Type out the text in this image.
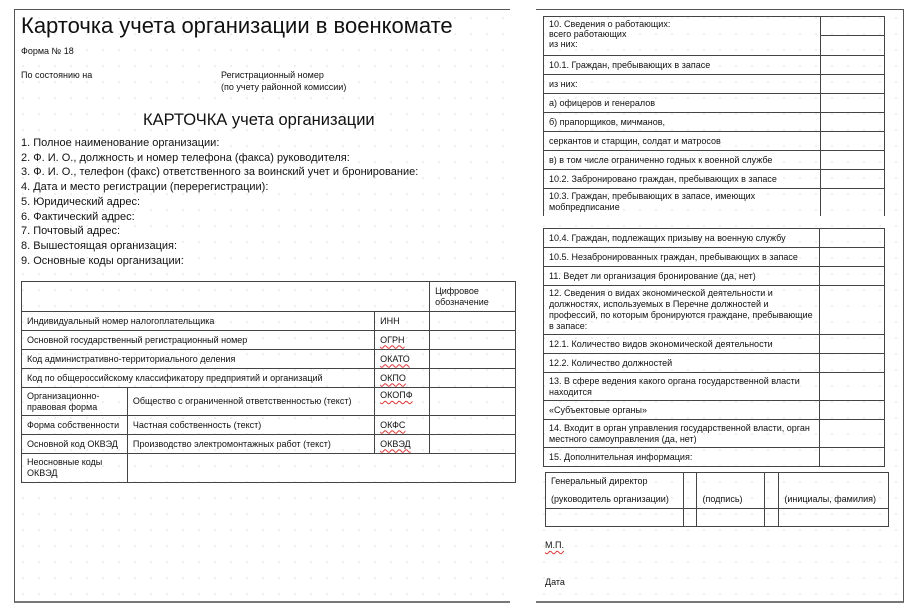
Карточка учета организации в военкомате
Форма № 18
По состоянию на	Регистрационный номер
(по учету районной комиссии)
КАРТОЧКА учета организации
1. Полное наименование организации:
2. Ф. И. О., должность и номер телефона (факса) руководителя:
3. Ф. И. О., телефон (факс) ответственного за воинский учет и бронирование:
4. Дата и место регистрации (перерегистрации):
5. Юридический адрес:
6. Фактический адрес:
7. Почтовый адрес:
8. Вышестоящая организация:
9. Основные коды организации:
			Цифровое обозначение
Индивидуальный номер налогоплательщика		ИНН	
Основной государственный регистрационный номер		ОГРН	
Код административно-территориального деления		ОКАТО	
Код по общероссийскому классификатору предприятий и организаций		ОКПО	
Организационно-правовая форма	Общество с ограниченной ответственностью (текст)	ОКОПФ	
Форма собственности	Частная собственность (текст)	ОКФС	
Основной код ОКВЭД	Производство электромонтажных работ (текст)	ОКВЭД	
Неосновные коды ОКВЭД			
10. Сведения о работающих:
всего работающих
из них:	

10.1. Граждан, пребывающих в запасе	
из них:	
а) офицеров и генералов	
б) прапорщиков, мичманов,	
серкантов и старщин, солдат и матросов	
в) в том числе ограниченно годных к военной службе	
10.2. Забронировано граждан, пребывающих в запасе	
10.3. Граждан, пребывающих в запасе, имеющих мобпредписание	
10.4. Граждан, подлежащих призыву на военную службу	
10.5. Незабронированных граждан, пребывающих в запасе	
11. Ведет ли организация бронирование (да, нет)	
12. Сведения о видах экономической деятельности и должностях, используемых в Перечне должностей и профессий, по которым бронируются граждане, пребывающие в запасе:	
12.1. Количество видов экономической деятельности	
12.2. Количество должностей	
13. В сфере ведения какого органа государственной власти находится	
«Субъектовые органы»	
14. Входит в орган управления государственной власти, орган местного самоуправления (да, нет)	
15. Дополнительная информация:	
Генеральный директор				
(руководитель организации)		(подпись)		(инициалы, фамилия)

М.П.
Дата
